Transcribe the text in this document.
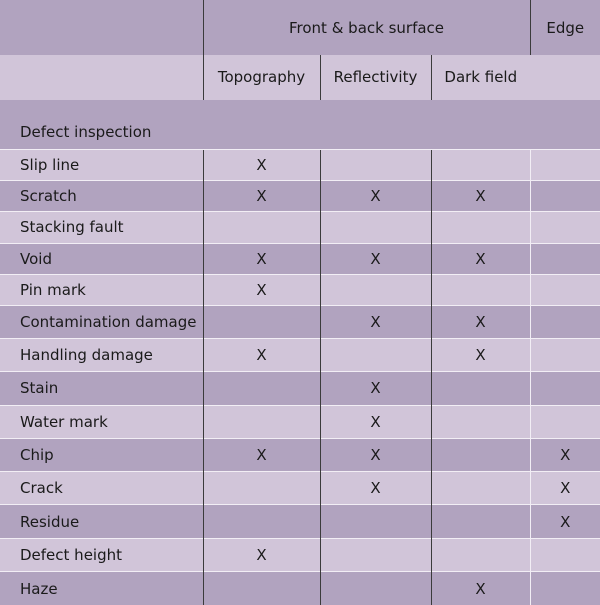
	Front & back surface			Edge
	Topography	Reflectivity	Dark field	
Defect inspection				
Slip line	X			
Scratch	X	X	X	
Stacking fault				
Void	X	X	X	
Pin mark	X			
Contamination damage		X	X	
Handling damage	X		X	
Stain		X		
Water mark		X		
Chip	X	X		X
Crack		X		X
Residue				X
Defect height	X			
Haze			X	
